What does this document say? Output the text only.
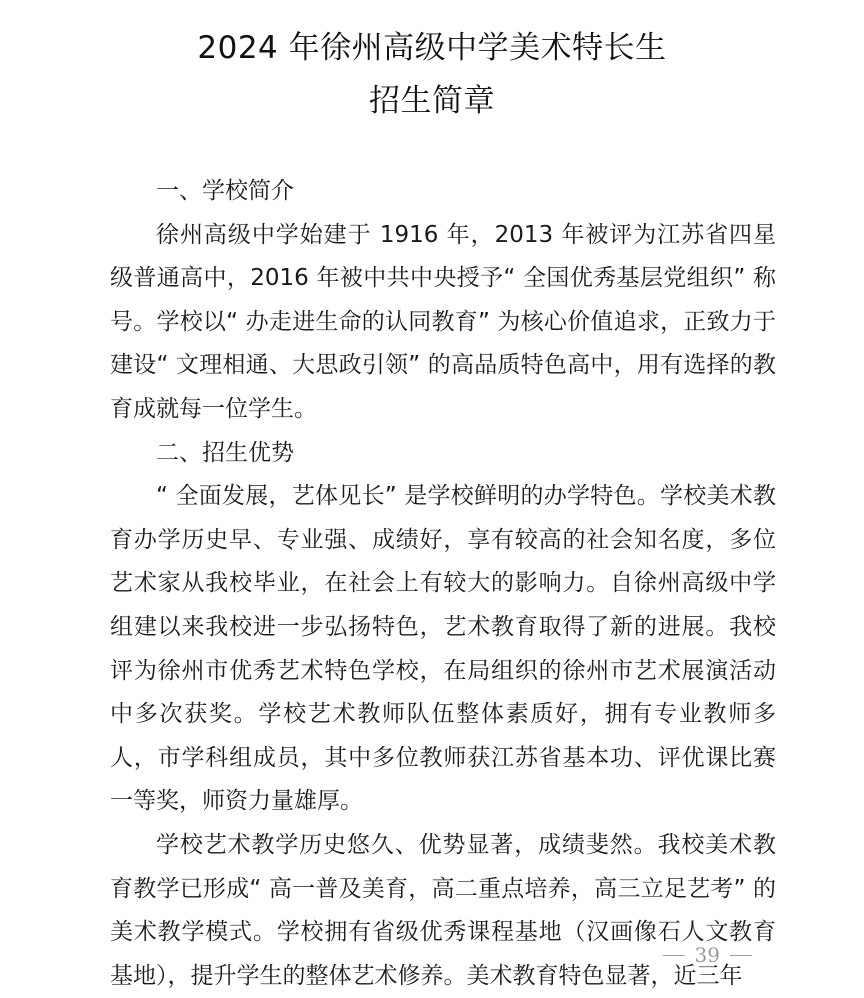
2024 年徐州高级中学美术特长生
招生简章

一、学校简介

徐州高级中学始建于 1916 年，2013 年被评为江苏省四星级普通高中，2016 年被中共中央授予“ 全国优秀基层党组织” 称号。学校以“ 办走进生命的认同教育” 为核心价值追求，正致力于建设“ 文理相通、大思政引领” 的高品质特色高中，用有选择的教育成就每一位学生。

二、招生优势

“ 全面发展，艺体见长” 是学校鲜明的办学特色。学校美术教育办学历史早、专业强、成绩好，享有较高的社会知名度，多位艺术家从我校毕业，在社会上有较大的影响力。自徐州高级中学组建以来我校进一步弘扬特色，艺术教育取得了新的进展。我校评为徐州市优秀艺术特色学校，在局组织的徐州市艺术展演活动中多次获奖。学校艺术教师队伍整体素质好，拥有专业教师多人，市学科组成员，其中多位教师获江苏省基本功、评优课比赛一等奖，师资力量雄厚。

学校艺术教学历史悠久、优势显著，成绩斐然。我校美术教育教学已形成“ 高一普及美育，高二重点培养，高三立足艺考” 的美术教学模式。学校拥有省级优秀课程基地（汉画像石人文教育基地），提升学生的整体艺术修养。美术教育特色显著，近三年

39
